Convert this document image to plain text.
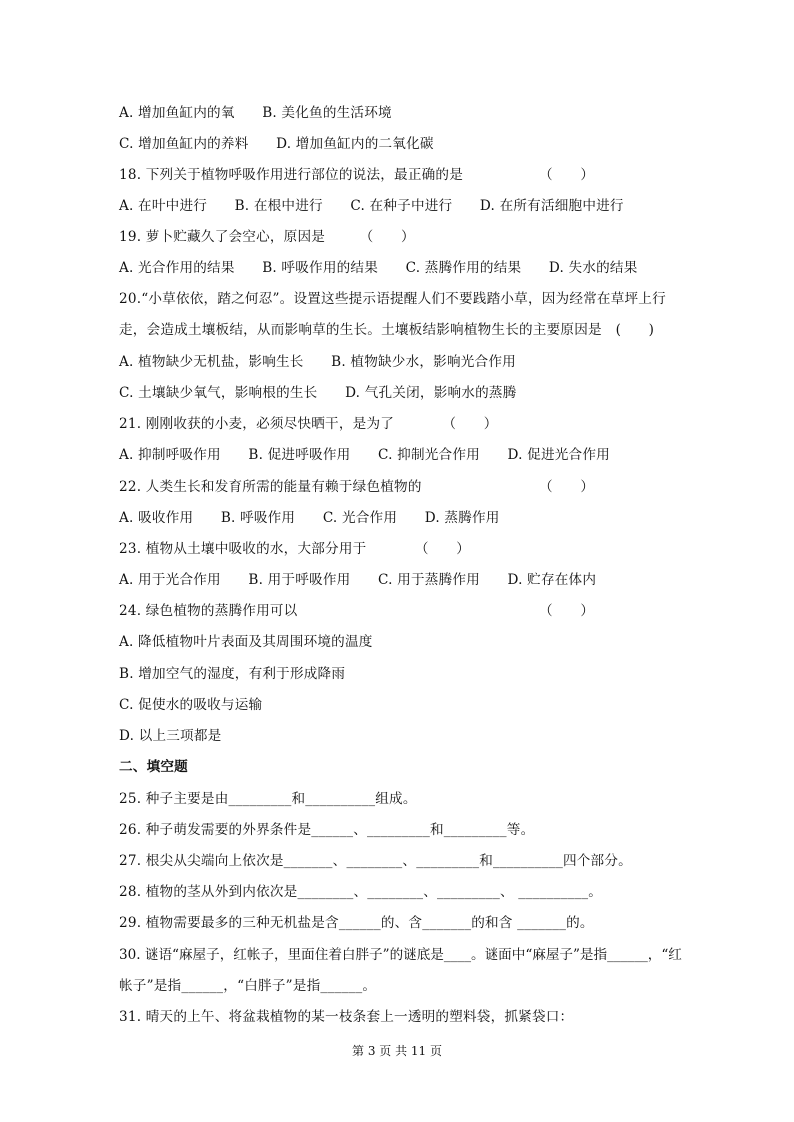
A. 增加鱼缸内的氧　　B. 美化鱼的生活环境
C. 增加鱼缸内的养料　　D. 增加鱼缸内的二氧化碳
18. 下列关于植物呼吸作用进行部位的说法，最正确的是　　　　　　（　　）
A. 在叶中进行　　B. 在根中进行　　C. 在种子中进行　　D. 在所有活细胞中进行
19. 萝卜贮藏久了会空心，原因是　　　（　　）
A. 光合作用的结果　　B. 呼吸作用的结果　　C. 蒸腾作用的结果　　D. 失水的结果
20.“小草依依，踏之何忍”。设置这些提示语提醒人们不要践踏小草，因为经常在草坪上行
走，会造成土壤板结，从而影响草的生长。土壤板结影响植物生长的主要原因是　(　　)
A. 植物缺少无机盐，影响生长　　B. 植物缺少水，影响光合作用
C. 土壤缺少氧气，影响根的生长　　D. 气孔关闭，影响水的蒸腾
21. 刚刚收获的小麦，必须尽快晒干，是为了　　　　（　　）
A. 抑制呼吸作用　　B. 促进呼吸作用　　C. 抑制光合作用　　D. 促进光合作用
22. 人类生长和发育所需的能量有赖于绿色植物的　　　　　　　　　（　　）
A. 吸收作用　　B. 呼吸作用　　C. 光合作用　　D. 蒸腾作用
23. 植物从土壤中吸收的水，大部分用于　　　　（　　）
A. 用于光合作用　　B. 用于呼吸作用　　C. 用于蒸腾作用　　D. 贮存在体内
24. 绿色植物的蒸腾作用可以　　　　　　　　　　　　　　　　　　（　　）
A. 降低植物叶片表面及其周围环境的温度
B. 增加空气的湿度，有利于形成降雨
C. 促使水的吸收与运输
D. 以上三项都是
二、填空题
25. 种子主要是由_________和__________组成。
26. 种子萌发需要的外界条件是______、_________和_________等。
27. 根尖从尖端向上依次是_______、________、_________和__________四个部分。
28. 植物的茎从外到内依次是________、________、_________、 __________。
29. 植物需要最多的三种无机盐是含______的、含_______的和含 _______的。
30. 谜语“麻屋子，红帐子，里面住着白胖子”的谜底是____。谜面中“麻屋子”是指______，“红
帐子”是指______，“白胖子”是指______。
31. 晴天的上午、将盆栽植物的某一枝条套上一透明的塑料袋，抓紧袋口：
第 3 页 共 11 页
